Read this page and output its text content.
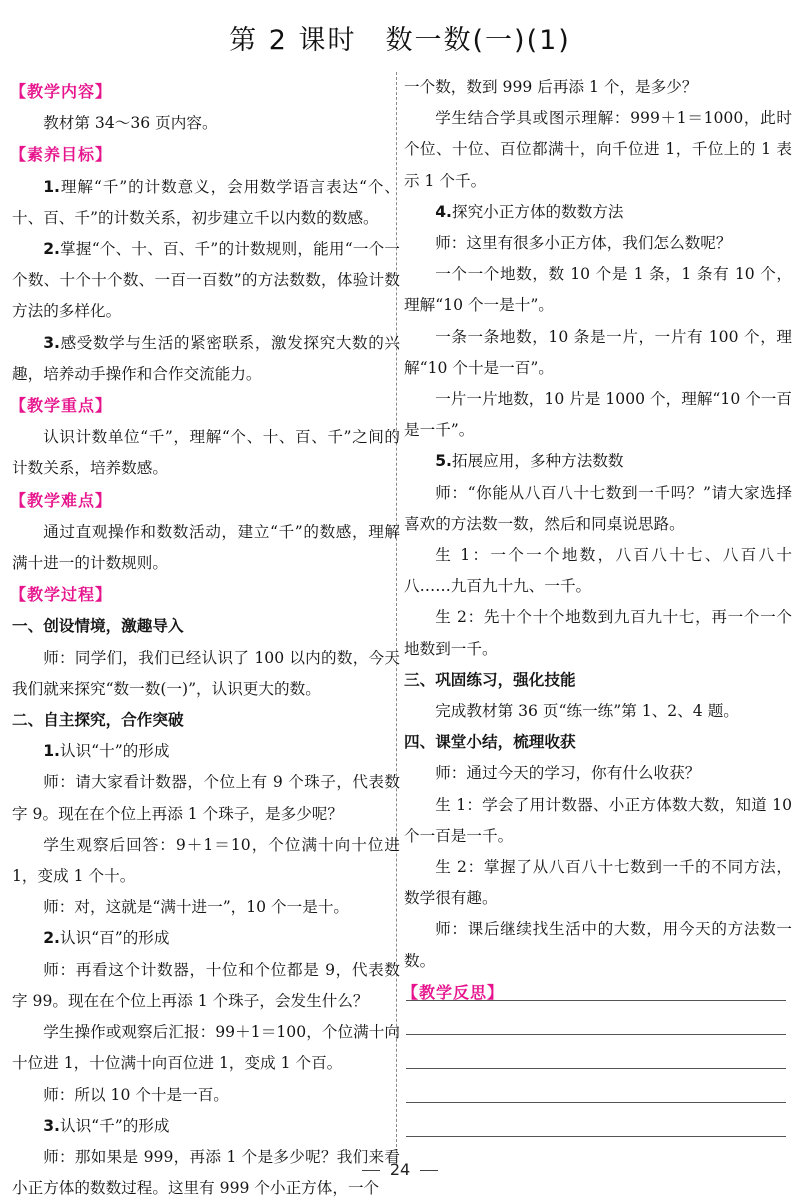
第 2 课时　数一数(一)(1)
【教学内容】

教材第 34～36 页内容。

【素养目标】

1.理解“千”的计数意义，会用数学语言表达“个、十、百、千”的计数关系，初步建立千以内数的数感。

2.掌握“个、十、百、千”的计数规则，能用“一个一个数、十个十个数、一百一百数”的方法数数，体验计数方法的多样化。

3.感受数学与生活的紧密联系，激发探究大数的兴趣，培养动手操作和合作交流能力。

【教学重点】

认识计数单位“千”，理解“个、十、百、千”之间的计数关系，培养数感。

【教学难点】

通过直观操作和数数活动，建立“千”的数感，理解满十进一的计数规则。

【教学过程】

一、创设情境，激趣导入

师：同学们，我们已经认识了 100 以内的数，今天我们就来探究“数一数(一)”，认识更大的数。

二、自主探究，合作突破

1.认识“十”的形成

师：请大家看计数器，个位上有 9 个珠子，代表数字 9。现在在个位上再添 1 个珠子，是多少呢？

学生观察后回答：9＋1＝10，个位满十向十位进1，变成 1 个十。

师：对，这就是“满十进一”，10 个一是十。

2.认识“百”的形成

师：再看这个计数器，十位和个位都是 9，代表数字 99。现在在个位上再添 1 个珠子，会发生什么？

学生操作或观察后汇报：99＋1＝100，个位满十向十位进 1，十位满十向百位进 1，变成 1 个百。

师：所以 10 个十是一百。

3.认识“千”的形成

师：那如果是 999，再添 1 个是多少呢？我们来看小正方体的数数过程。这里有 999 个小正方体，一个

一个数，数到 999 后再添 1 个，是多少？

学生结合学具或图示理解：999＋1＝1000，此时个位、十位、百位都满十，向千位进 1，千位上的 1 表示 1 个千。

4.探究小正方体的数数方法

师：这里有很多小正方体，我们怎么数呢？

一个一个地数，数 10 个是 1 条，1 条有 10 个，理解“10 个一是十”。

一条一条地数，10 条是一片，一片有 100 个，理解“10 个十是一百”。

一片一片地数，10 片是 1000 个，理解“10 个一百是一千”。

5.拓展应用，多种方法数数

师：“你能从八百八十七数到一千吗？”请大家选择喜欢的方法数一数，然后和同桌说思路。

生 1：一个一个地数，八百八十七、八百八十八……九百九十九、一千。

生 2：先十个十个地数到九百九十七，再一个一个地数到一千。

三、巩固练习，强化技能

完成教材第 36 页“练一练”第 1、2、4 题。

四、课堂小结，梳理收获

师：通过今天的学习，你有什么收获？

生 1：学会了用计数器、小正方体数大数，知道 10个一百是一千。

生 2：掌握了从八百八十七数到一千的不同方法，数学很有趣。

师：课后继续找生活中的大数，用今天的方法数一数。

【教学反思】
24
